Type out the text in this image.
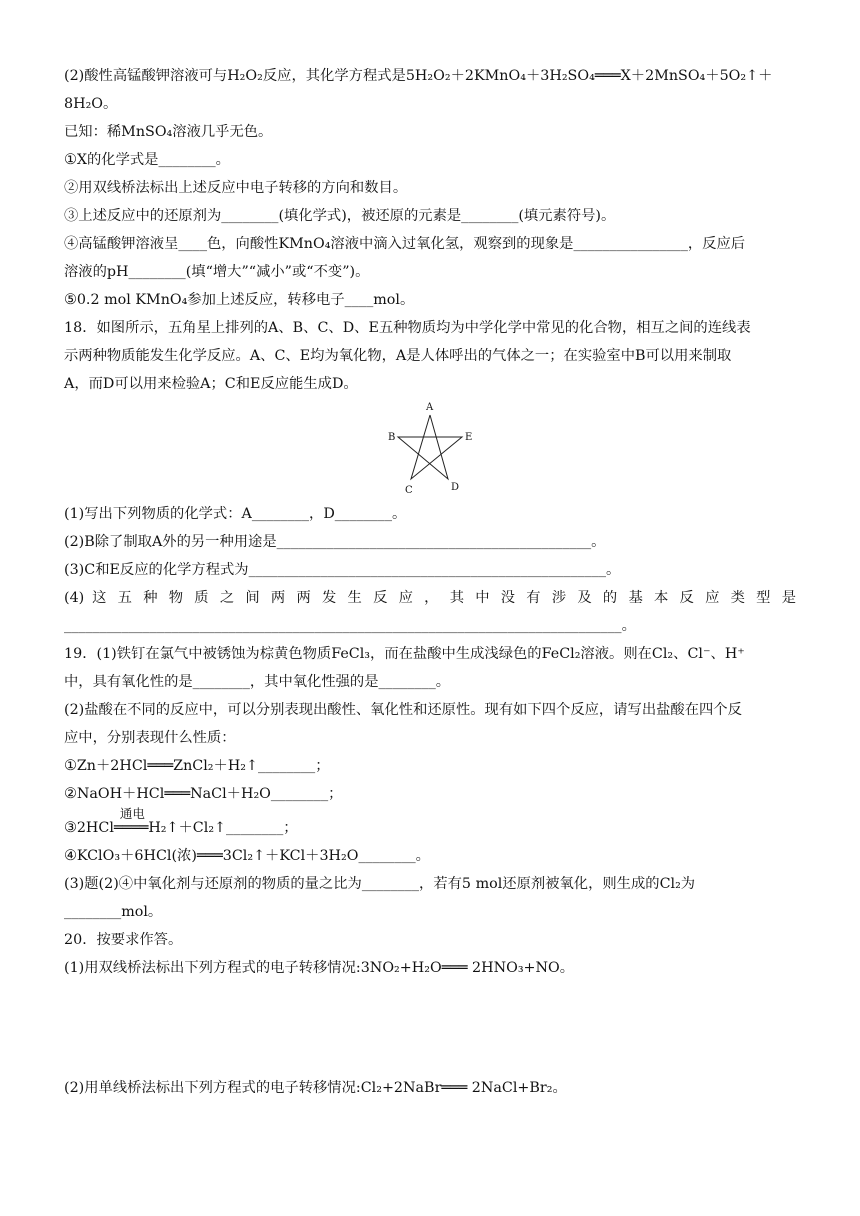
(2)酸性高锰酸钾溶液可与H₂O₂反应，其化学方程式是5H₂O₂＋2KMnO₄＋3H₂SO₄═══X＋2MnSO₄＋5O₂↑＋
8H₂O。
已知：稀MnSO₄溶液几乎无色。
①X的化学式是________。
②用双线桥法标出上述反应中电子转移的方向和数目。
③上述反应中的还原剂为________(填化学式)，被还原的元素是________(填元素符号)。
④高锰酸钾溶液呈____色，向酸性KMnO₄溶液中滴入过氧化氢，观察到的现象是________________，反应后
溶液的pH________(填“增大”“减小”或“不变”)。
⑤0.2 mol KMnO₄参加上述反应，转移电子____mol。
18．如图所示，五角星上排列的A、B、C、D、E五种物质均为中学化学中常见的化合物，相互之间的连线表
示两种物质能发生化学反应。A、C、E均为氧化物，A是人体呼出的气体之一；在实验室中B可以用来制取
A，而D可以用来检验A；C和E反应能生成D。
A
B	E
C	D
(1)写出下列物质的化学式：A________，D________。
(2)B除了制取A外的另一种用途是____________________________________________。
(3)C和E反应的化学方程式为__________________________________________________。
(4) 这 五 种 物 质 之 间 两 两 发 生 反 应 ， 其 中 没 有 涉 及 的 基 本 反 应 类 型 是
______________________________________________________________________________。
19．(1)铁钉在氯气中被锈蚀为棕黄色物质FeCl₃，而在盐酸中生成浅绿色的FeCl₂溶液。则在Cl₂、Cl⁻、H⁺
中，具有氧化性的是________，其中氧化性强的是________。
(2)盐酸在不同的反应中，可以分别表现出酸性、氧化性和还原性。现有如下四个反应，请写出盐酸在四个反
应中，分别表现什么性质：
①Zn＋2HCl═══ZnCl₂＋H₂↑________；
②NaOH＋HCl═══NaCl＋H₂O________；
③2HCl
通电
════H₂↑＋Cl₂↑________；
④KClO₃＋6HCl(浓)═══3Cl₂↑＋KCl＋3H₂O________。
(3)题(2)④中氧化剂与还原剂的物质的量之比为________，若有5 mol还原剂被氧化，则生成的Cl₂为
________mol。
20．按要求作答。
(1)用双线桥法标出下列方程式的电子转移情况:3NO₂+H₂O═══ 2HNO₃+NO。
(2)用单线桥法标出下列方程式的电子转移情况:Cl₂+2NaBr═══ 2NaCl+Br₂。
